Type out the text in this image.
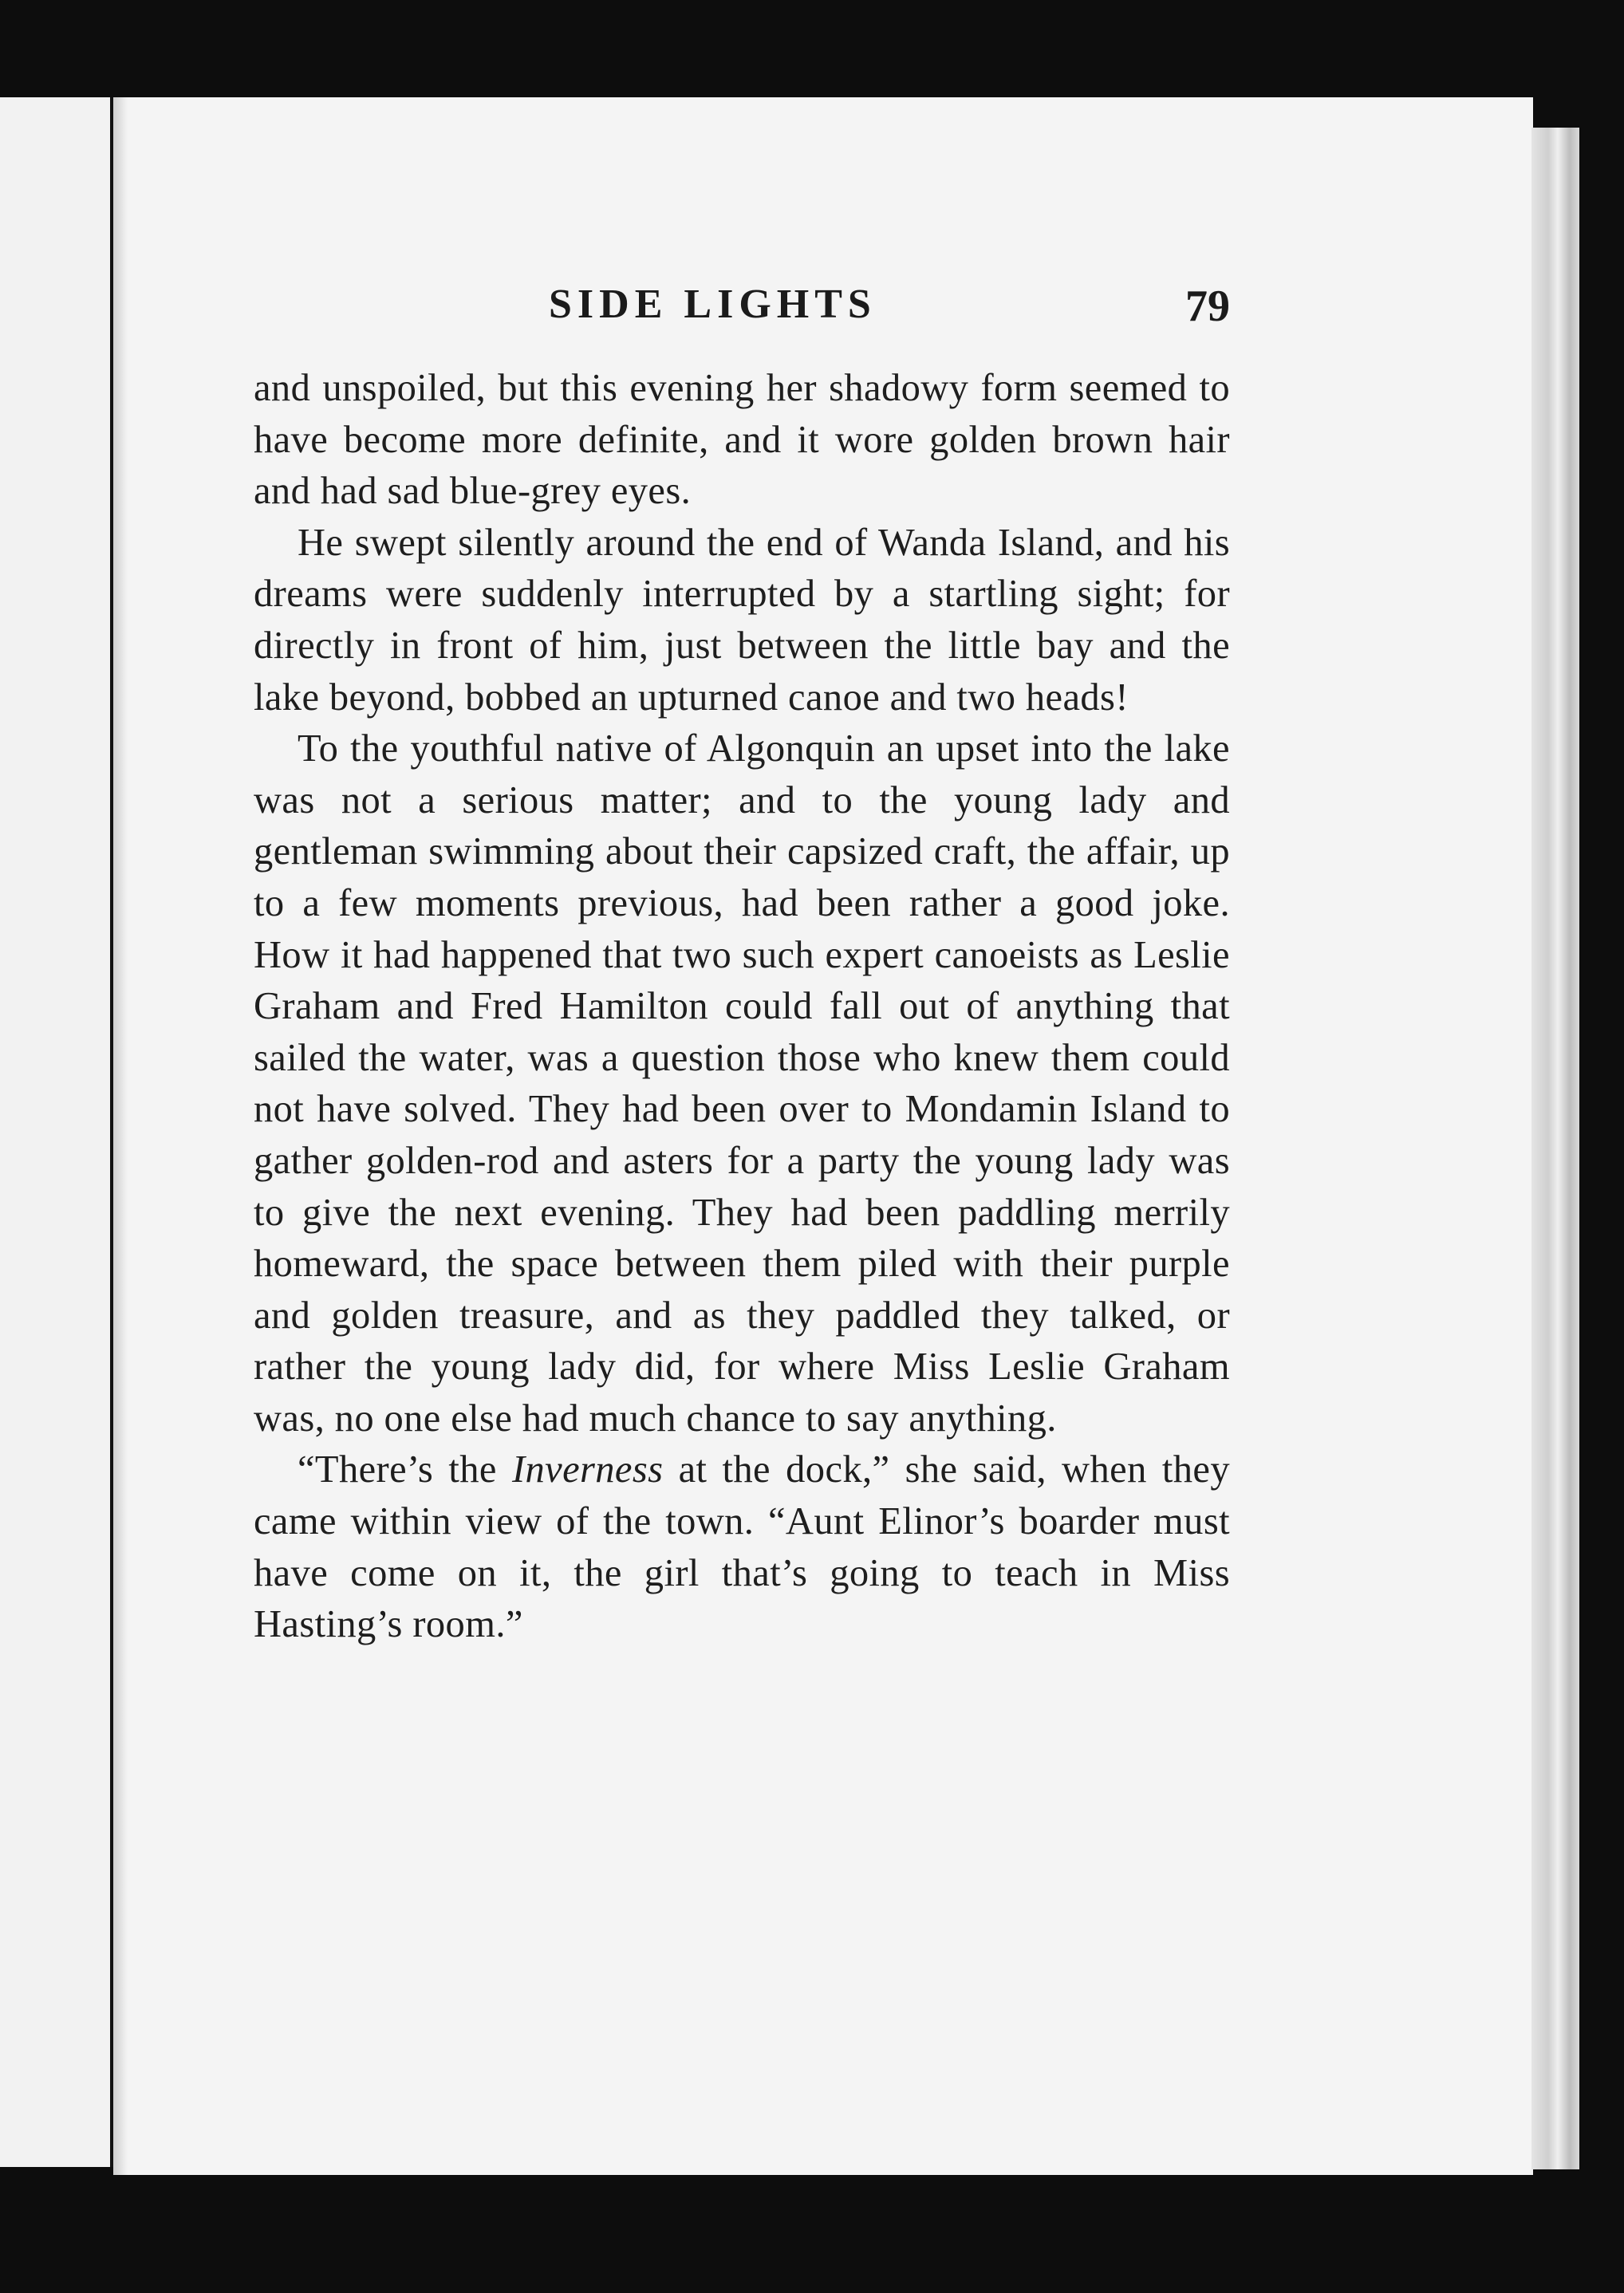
SIDE LIGHTS	79

and unspoiled, but this evening her shadowy form seemed to have become more definite, and it wore golden brown hair and had sad blue-grey eyes.

He swept silently around the end of Wanda Island, and his dreams were suddenly interrupted by a startling sight; for directly in front of him, just between the little bay and the lake beyond, bobbed an upturned canoe and two heads!

To the youthful native of Algonquin an upset into the lake was not a serious matter; and to the young lady and gentleman swimming about their capsized craft, the affair, up to a few moments previous, had been rather a good joke. How it had happened that two such expert canoeists as Leslie Graham and Fred Hamilton could fall out of anything that sailed the water, was a question those who knew them could not have solved. They had been over to Mondamin Island to gather golden-rod and asters for a party the young lady was to give the next evening. They had been paddling merrily homeward, the space between them piled with their purple and golden treasure, and as they paddled they talked, or rather the young lady did, for where Miss Leslie Graham was, no one else had much chance to say anything.

“There’s the Inverness at the dock,” she said, when they came within view of the town. “Aunt Elinor’s boarder must have come on it, the girl that’s going to teach in Miss Hasting’s room.”
